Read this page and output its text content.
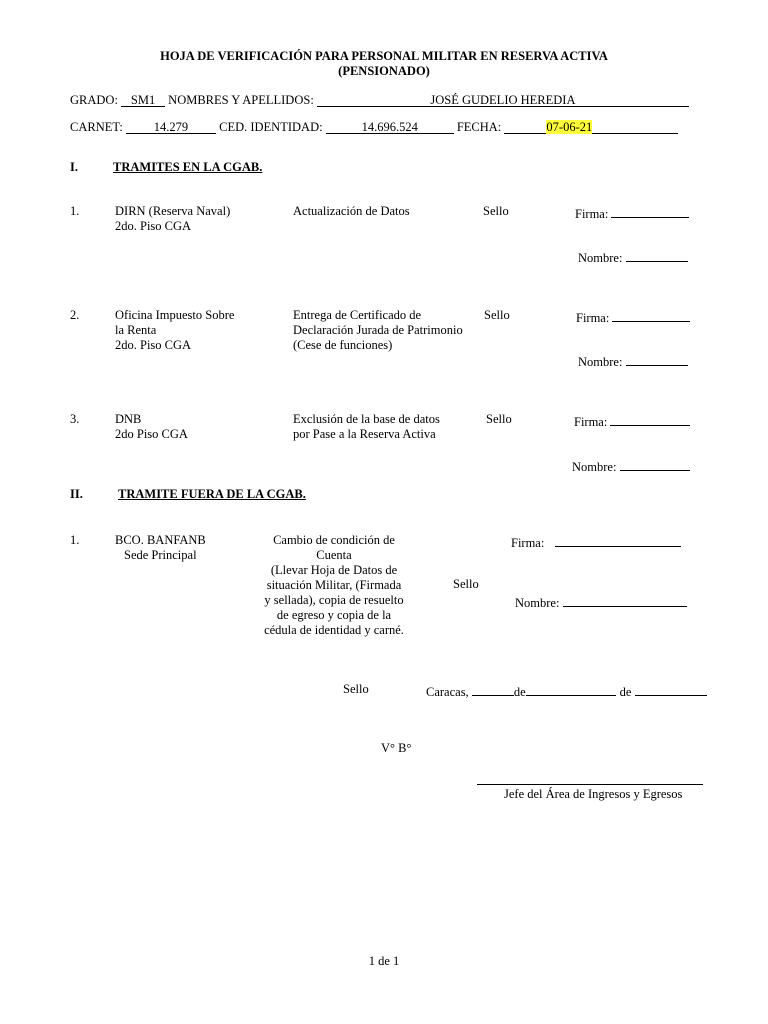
HOJA DE VERIFICACIÓN PARA PERSONAL MILITAR EN RESERVA ACTIVA
(PENSIONADO)
GRADO: SM1 NOMBRES Y APELLIDOS:	JOSÉ GUDELIO HEREDIA
CARNET: 14.279 CED. IDENTIDAD:	14.696.524	FECHA:	07-06-21
I.	TRAMITES EN LA CGAB.
1.	DIRN (Reserva Naval)
2do. Piso CGA
Actualización de Datos	Sello	Firma:
Nombre:
2.	Oficina Impuesto Sobre
la Renta
2do. Piso CGA
Entrega de Certificado de
Declaración Jurada de Patrimonio
(Cese de funciones)
Sello	Firma:
Nombre:
3.	DNB
2do Piso CGA
Exclusión de la base de datos
por Pase a la Reserva Activa
Sello	Firma:
Nombre:
II.	TRAMITE FUERA DE LA CGAB.
1.	BCO. BANFANB
Sede Principal
Cambio de condición de
Cuenta
(Llevar Hoja de Datos de
situación Militar, (Firmada
y sellada), copia de resuelto
de egreso y copia de la
cédula de identidad y carné.
Firma:
Sello
Nombre:
Sello	Caracas,	de	de
V° B°
Jefe del Área de Ingresos y Egresos
1 de 1
